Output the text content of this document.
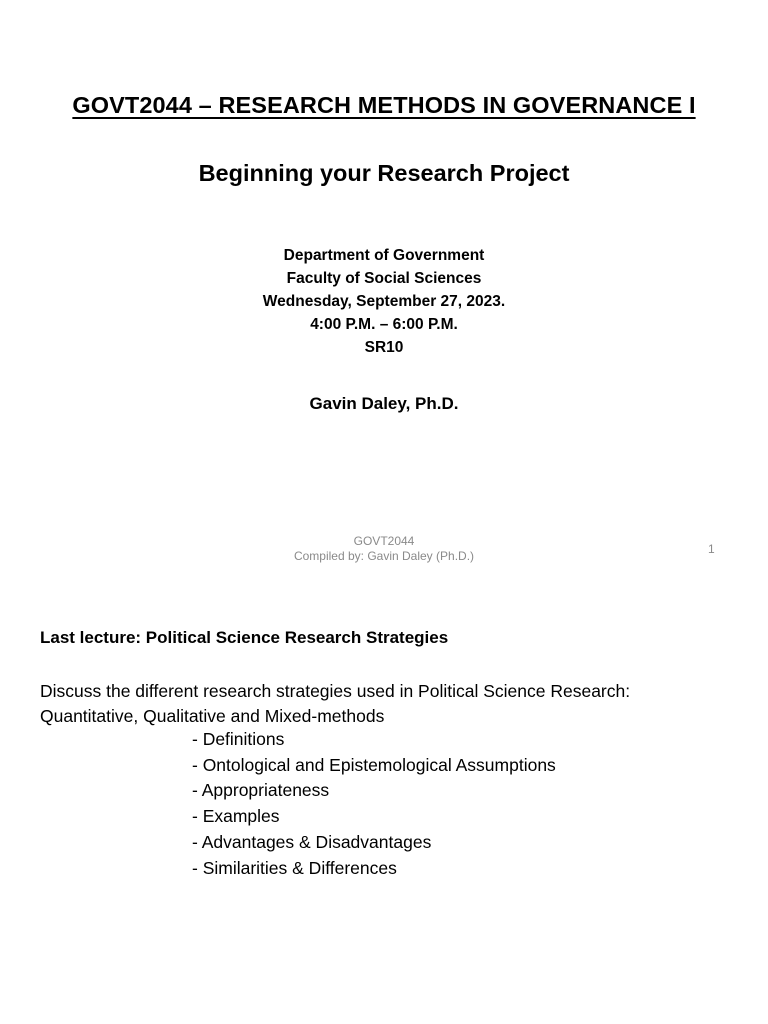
GOVT2044 – RESEARCH METHODS IN GOVERNANCE I
Beginning your Research Project
Department of Government
Faculty of Social Sciences
Wednesday, September 27, 2023.
4:00 P.M. – 6:00 P.M.
SR10
Gavin Daley, Ph.D.
GOVT2044
Compiled by: Gavin Daley (Ph.D.)	1
Last lecture: Political Science Research Strategies
Discuss the different research strategies used in Political Science Research:
Quantitative, Qualitative and Mixed-methods
- Definitions
- Ontological and Epistemological Assumptions
- Appropriateness
- Examples
- Advantages & Disadvantages
- Similarities & Differences
